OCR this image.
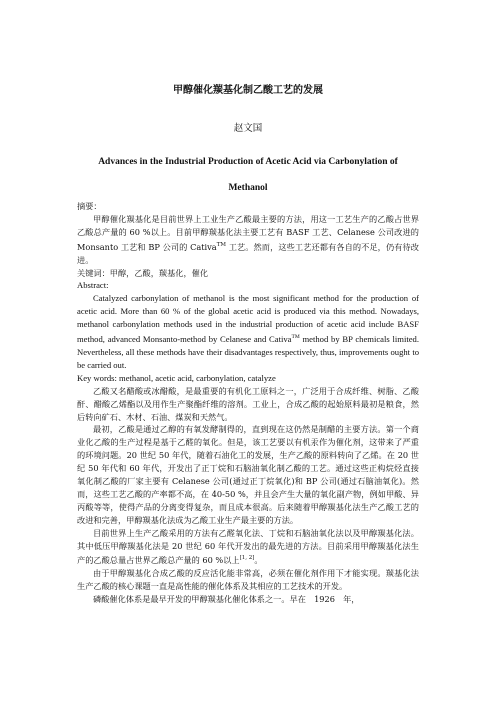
甲醇催化羰基化制乙酸工艺的发展
赵文国
Advances in the Industrial Production of Acetic Acid via Carbonylation of Methanol

摘要：

甲醇催化羰基化是目前世界上工业生产乙酸最主要的方法，用这一工艺生产的乙酸占世界乙酸总产量的 60 %以上。目前甲醇羰基化法主要工艺有 BASF 工艺、Celanese 公司改进的 Monsanto 工艺和 BP 公司的 Cativa™ 工艺。然而，这些工艺还都有各自的不足，仍有待改进。

关键词：甲醇，乙酸，羰基化，催化

Abstract:

Catalyzed carbonylation of methanol is the most significant method for the production of acetic acid. More than 60 % of the global acetic acid is produced via this method. Nowadays, methanol carbonylation methods used in the industrial production of acetic acid include BASF method, advanced Monsanto-method by Celanese and Cativa™ method by BP chemicals limited. Nevertheless, all these methods have their disadvantages respectively, thus, improvements ought to be carried out.

Key words: methanol, acetic acid, carbonylation, catalyze

乙酸又名醋酸或冰醋酸，是最重要的有机化工原料之一，广泛用于合成纤维、树脂、乙酸酐、醋酸乙烯酯以及用作生产聚酯纤维的溶剂。工业上，合成乙酸的起始原料最初是粮食，然后转向矿石、木材、石油、煤炭和天然气。

最初，乙酸是通过乙醇的有氧发酵制得的，直到现在这仍然是制醋的主要方法。第一个商业化乙酸的生产过程是基于乙醛的氧化。但是，该工艺要以有机汞作为催化剂，这带来了严重的环境问题。20 世纪 50 年代，随着石油化工的发展，生产乙酸的原料转向了乙烯。在 20 世纪 50 年代和 60 年代，开发出了正丁烷和石脑油氧化制乙酸的工艺。通过这些正构烷烃直接氧化制乙酸的厂家主要有 Celanese 公司(通过正丁烷氧化)和 BP 公司(通过石脑油氧化)。然而，这些工艺乙酸的产率都不高，在 40-50 %，并且会产生大量的氧化副产物，例如甲酸、异丙酸等等，使得产品的分离变得复杂，而且成本很高。后来随着甲醇羰基化法生产乙酸工艺的改进和完善，甲醇羰基化法成为乙酸工业生产最主要的方法。

目前世界上生产乙酸采用的方法有乙醛氧化法、丁烷和石脑油氧化法以及甲醇羰基化法。其中低压甲醇羰基化法是 20 世纪 60 年代开发出的最先进的方法。目前采用甲醇羰基化法生产的乙酸总量占世界乙酸总产量的 60 %以上[1, 2]。

由于甲醇羰基化合成乙酸的反应活化能非常高，必须在催化剂作用下才能实现。羰基化法生产乙酸的核心课题一直是高性能的催化体系及其相应的工艺技术的开发。

磷酸催化体系是最早开发的甲醇羰基化催化体系之一。早在　1926　年，
